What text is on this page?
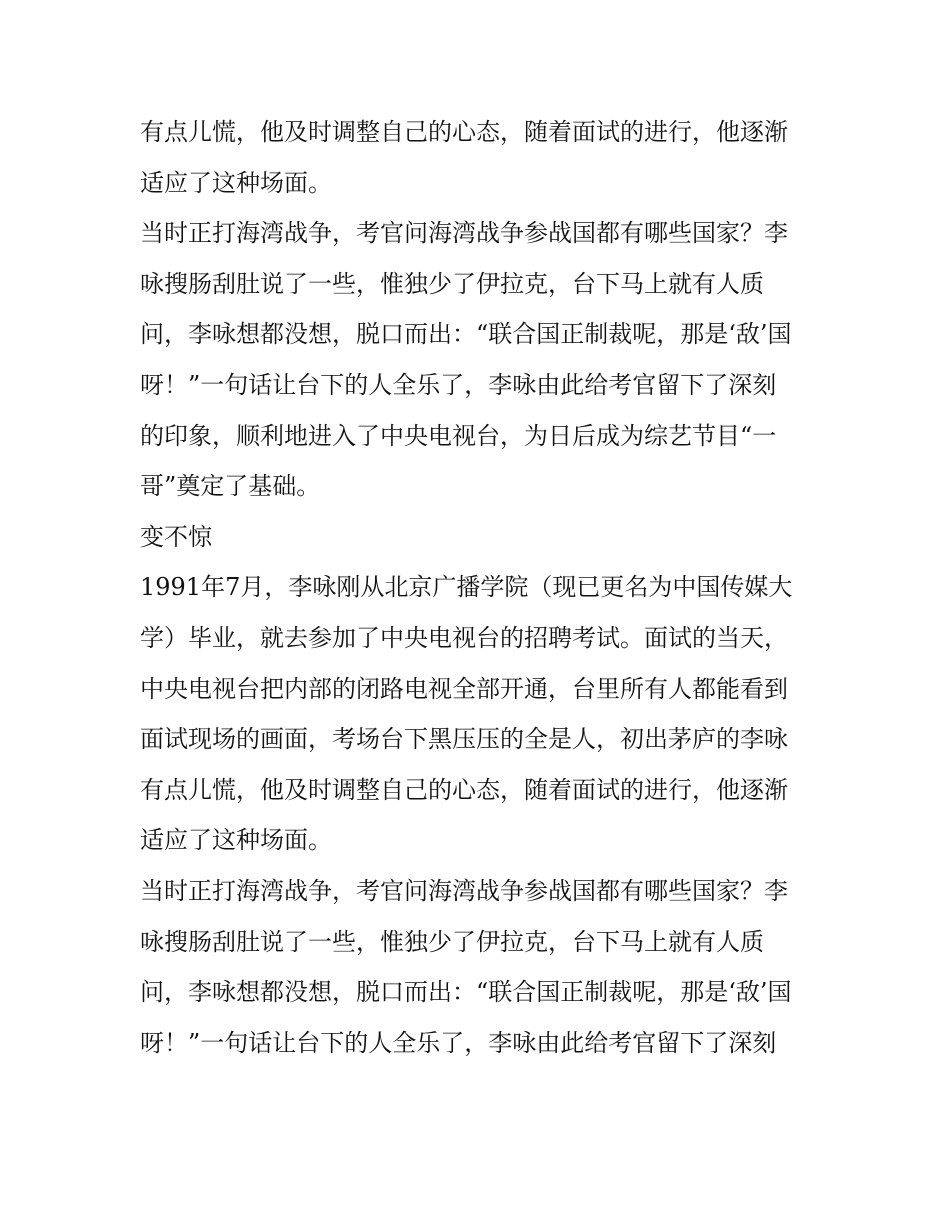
有点儿慌，他及时调整自己的心态，随着面试的进行，他逐渐
适应了这种场面。
当时正打海湾战争，考官问海湾战争参战国都有哪些国家？李
咏搜肠刮肚说了一些，惟独少了伊拉克，台下马上就有人质
问，李咏想都没想，脱口而出：“联合国正制裁呢，那是‘敌’国
呀！”一句话让台下的人全乐了，李咏由此给考官留下了深刻
的印象，顺利地进入了中央电视台，为日后成为综艺节目“一
哥”奠定了基础。
变不惊
1991年7月，李咏刚从北京广播学院（现已更名为中国传媒大
学）毕业，就去参加了中央电视台的招聘考试。面试的当天，
中央电视台把内部的闭路电视全部开通，台里所有人都能看到
面试现场的画面，考场台下黑压压的全是人，初出茅庐的李咏
有点儿慌，他及时调整自己的心态，随着面试的进行，他逐渐
适应了这种场面。
当时正打海湾战争，考官问海湾战争参战国都有哪些国家？李
咏搜肠刮肚说了一些，惟独少了伊拉克，台下马上就有人质
问，李咏想都没想，脱口而出：“联合国正制裁呢，那是‘敌’国
呀！”一句话让台下的人全乐了，李咏由此给考官留下了深刻
